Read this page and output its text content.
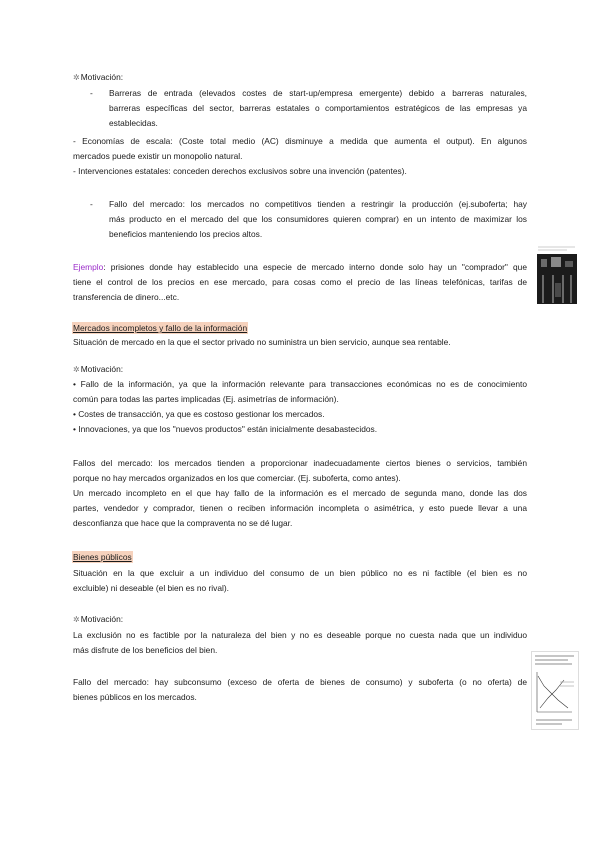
✲Motivación:
- Barreras de entrada (elevados costes de start-up/empresa emergente) debido a barreras naturales,
barreras específicas del sector, barreras estatales o comportamientos estratégicos de las empresas ya
establecidas.
- Economías de escala: (Coste total medio (AC) disminuye a medida que aumenta el output). En algunos
mercados puede existir un monopolio natural.
- Intervenciones estatales: conceden derechos exclusivos sobre una invención (patentes).
- Fallo del mercado: los mercados no competitivos tienden a restringir la producción (ej.suboferta; hay
más producto en el mercado del que los consumidores quieren comprar) en un intento de maximizar los
beneficios manteniendo los precios altos.
Ejemplo: prisiones donde hay establecido una especie de mercado interno donde solo hay un "comprador" que
tiene el control de los precios en ese mercado, para cosas como el precio de las líneas telefónicas, tarifas de
transferencia de dinero...etc.
Mercados incompletos y fallo de la información
Situación de mercado en la que el sector privado no suministra un bien servicio, aunque sea rentable.
✲Motivación:
• Fallo de la información, ya que la información relevante para transacciones económicas no es de conocimiento
común para todas las partes implicadas (Ej. asimetrías de información).
• Costes de transacción, ya que es costoso gestionar los mercados.
• Innovaciones, ya que los "nuevos productos" están inicialmente desabastecidos.
Fallos del mercado: los mercados tienden a proporcionar inadecuadamente ciertos bienes o servicios, también
porque no hay mercados organizados en los que comerciar. (Ej. suboferta, como antes).
Un mercado incompleto en el que hay fallo de la información es el mercado de segunda mano, donde las dos
partes, vendedor y comprador, tienen o reciben información incompleta o asimétrica, y esto puede llevar a una
desconfianza que hace que la compraventa no se dé lugar.
Bienes públicos
Situación en la que excluir a un individuo del consumo de un bien público no es ni factible (el bien es no
excluible) ni deseable (el bien es no rival).
✲Motivación:
La exclusión no es factible por la naturaleza del bien y no es deseable porque no cuesta nada que un individuo
más disfrute de los beneficios del bien.
Fallo del mercado: hay subconsumo (exceso de oferta de bienes de consumo) y suboferta (o no oferta) de
bienes públicos en los mercados.
